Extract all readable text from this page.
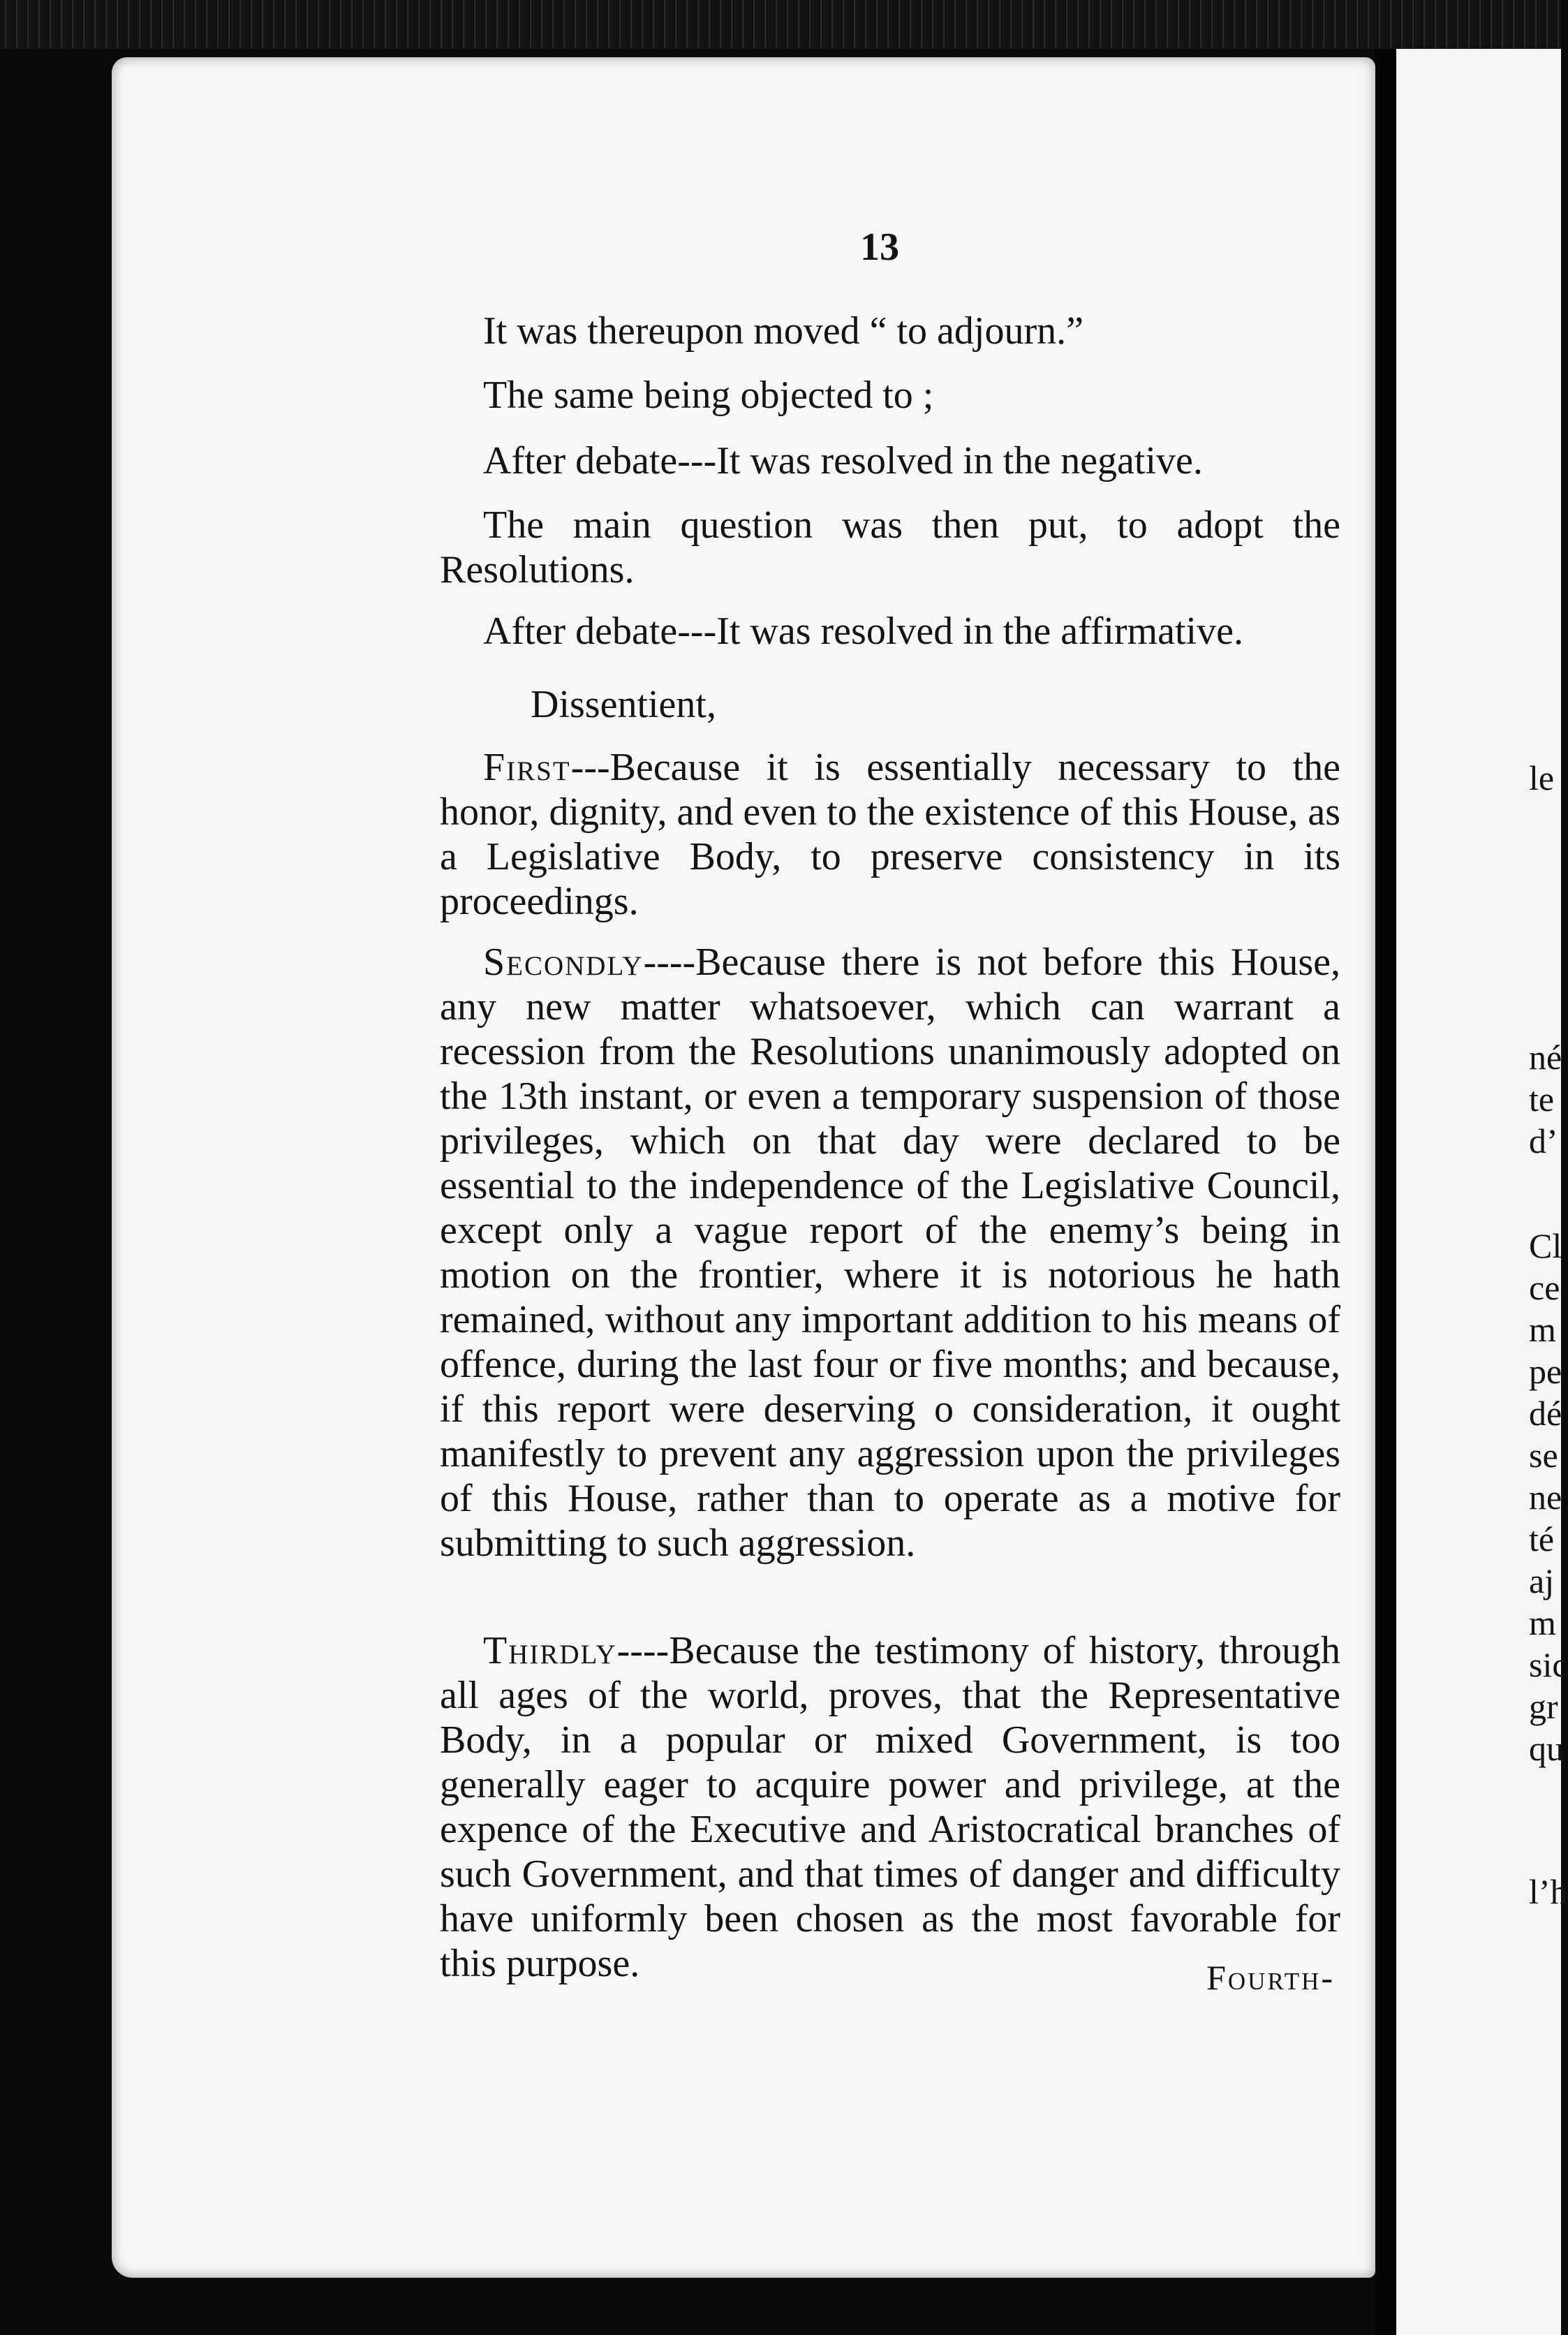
13

It was thereupon moved “ to adjourn.”

The same being objected to ;

After debate---It was resolved in the negative.

The main question was then put, to adopt the Resolutions.

After debate---It was resolved in the affirmative.

Dissentient,

First---Because it is essentially necessary to the honor, dignity, and even to the existence of this House, as a Legislative Body, to preserve consistency in its proceedings.

Secondly----Because there is not before this House, any new matter whatsoever, which can warrant a recession from the Resolutions unanimously adopted on the 13th instant, or even a temporary suspension of those privileges, which on that day were declared to be essential to the independence of the Legislative Council, except only a vague report of the enemy’s being in motion on the frontier, where it is notorious he hath remained, without any important addition to his means of offence, during the last four or five months; and because, if this report were deserving o consideration, it ought manifestly to prevent any aggression upon the privileges of this House, rather than to operate as a motive for submitting to such aggression.

Thirdly----Because the testimony of history, through all ages of the world, proves, that the Representative Body, in a popular or mixed Government, is too generally eager to acquire power and privilege, at the expence of the Executive and Aristocratical branches of such Government, and that times of danger and difficulty have uniformly been chosen as the most favorable for this purpose.	Fourth-
le
né
te
d’
Cl
ce
m
pe
dé
se
ne
té
aj
m
sic
gr
qu
l’h
